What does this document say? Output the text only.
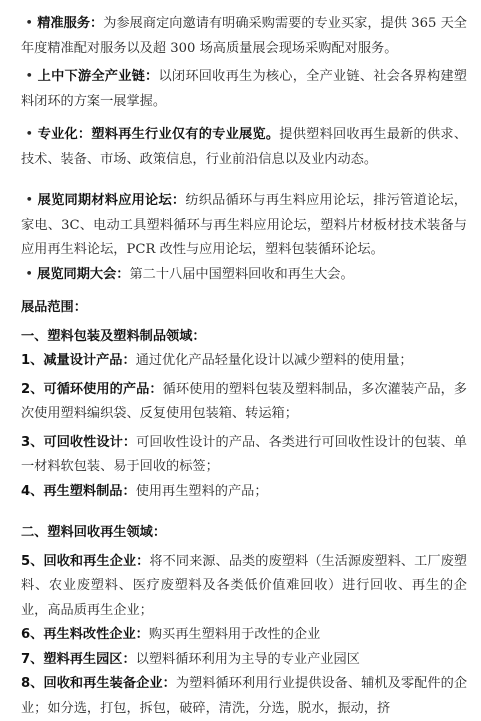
• 精准服务：为参展商定向邀请有明确采购需要的专业买家，提供 365 天全年度精准配对服务以及超 300 场高质量展会现场采购配对服务。

• 上中下游全产业链：以闭环回收再生为核心，全产业链、社会各界构建塑料闭环的方案一展掌握。

• 专业化：塑料再生行业仅有的专业展览。提供塑料回收再生最新的供求、技术、装备、市场、政策信息，行业前沿信息以及业内动态。

• 展览同期材料应用论坛：纺织品循环与再生料应用论坛，排污管道论坛，家电、3C、电动工具塑料循环与再生料应用论坛，塑料片材板材技术装备与应用再生料论坛，PCR 改性与应用论坛，塑料包装循环论坛。

• 展览同期大会：第二十八届中国塑料回收和再生大会。

展品范围：

一、塑料包装及塑料制品领域：

1、减量设计产品：通过优化产品轻量化设计以减少塑料的使用量；

2、可循环使用的产品：循环使用的塑料包装及塑料制品，多次灌装产品，多次使用塑料编织袋、反复使用包装箱、转运箱；

3、可回收性设计：可回收性设计的产品、各类进行可回收性设计的包装、单一材料软包装、易于回收的标签；

4、再生塑料制品：使用再生塑料的产品；

二、塑料回收再生领域：

5、回收和再生企业：将不同来源、品类的废塑料（生活源废塑料、工厂废塑料、农业废塑料、医疗废塑料及各类低价值难回收）进行回收、再生的企业，高品质再生企业；

6、再生料改性企业：购买再生塑料用于改性的企业

7、塑料再生园区：以塑料循环利用为主导的专业产业园区

8、回收和再生装备企业：为塑料循环利用行业提供设备、辅机及零配件的企业；如分选，打包，拆包，破碎，清洗，分选，脱水，振动，挤
